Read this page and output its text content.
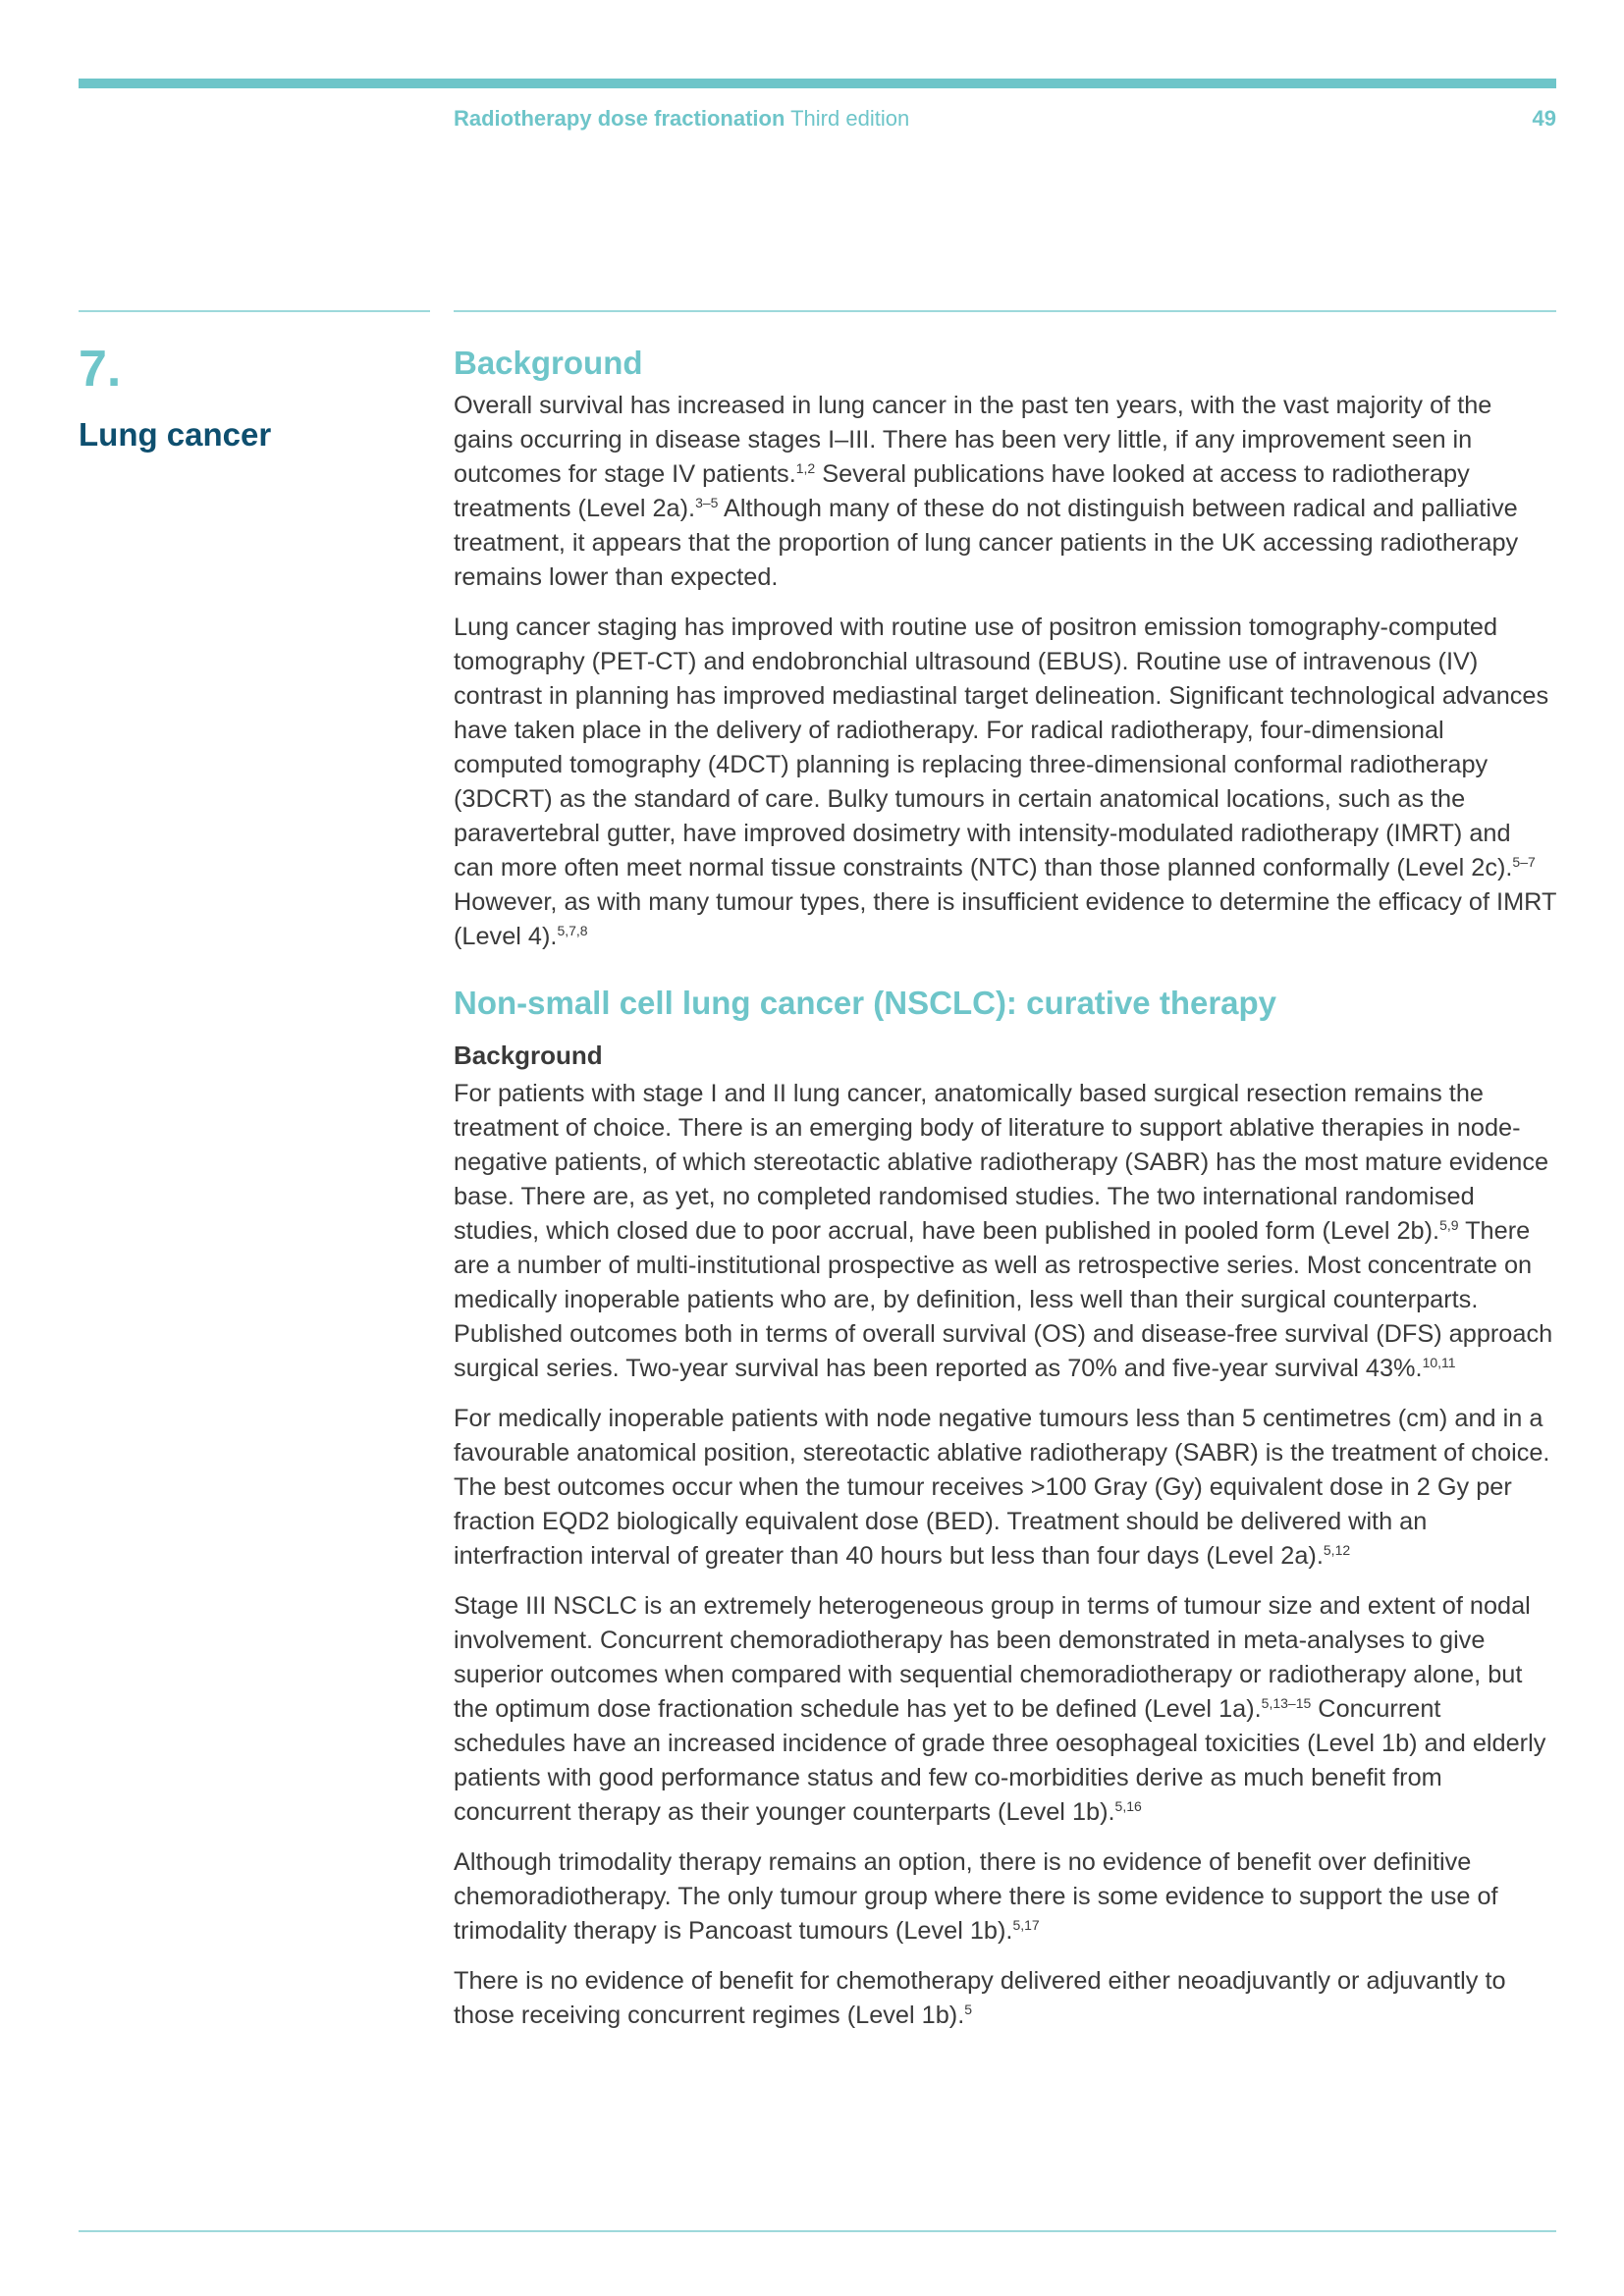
Radiotherapy dose fractionation Third edition	49
7.
Lung cancer
Background

Overall survival has increased in lung cancer in the past ten years, with the vast majority of the gains occurring in disease stages I–III. There has been very little, if any improvement seen in outcomes for stage IV patients.$^{1,2}$ Several publications have looked at access to radiotherapy treatments (Level 2a).$^{3-5}$ Although many of these do not distinguish between radical and palliative treatment, it appears that the proportion of lung cancer patients in the UK accessing radiotherapy remains lower than expected.

Lung cancer staging has improved with routine use of positron emission tomography-computed tomography (PET-CT) and endobronchial ultrasound (EBUS). Routine use of intravenous (IV) contrast in planning has improved mediastinal target delineation. Significant technological advances have taken place in the delivery of radiotherapy. For radical radiotherapy, four-dimensional computed tomography (4DCT) planning is replacing three-dimensional conformal radiotherapy (3DCRT) as the standard of care. Bulky tumours in certain anatomical locations, such as the paravertebral gutter, have improved dosimetry with intensity-modulated radiotherapy (IMRT) and can more often meet normal tissue constraints (NTC) than those planned conformally (Level 2c).$^{5-7}$ However, as with many tumour types, there is insufficient evidence to determine the efficacy of IMRT (Level 4).$^{5,7,8}$

Non-small cell lung cancer (NSCLC): curative therapy
Background

For patients with stage I and II lung cancer, anatomically based surgical resection remains the treatment of choice. There is an emerging body of literature to support ablative therapies in node-negative patients, of which stereotactic ablative radiotherapy (SABR) has the most mature evidence base. There are, as yet, no completed randomised studies. The two international randomised studies, which closed due to poor accrual, have been published in pooled form (Level 2b).$^{5,9}$ There are a number of multi-institutional prospective as well as retrospective series. Most concentrate on medically inoperable patients who are, by definition, less well than their surgical counterparts. Published outcomes both in terms of overall survival (OS) and disease-free survival (DFS) approach surgical series. Two-year survival has been reported as 70% and five-year survival 43%.$^{10,11}$

For medically inoperable patients with node negative tumours less than 5 centimetres (cm) and in a favourable anatomical position, stereotactic ablative radiotherapy (SABR) is the treatment of choice. The best outcomes occur when the tumour receives >100 Gray (Gy) equivalent dose in 2 Gy per fraction EQD2 biologically equivalent dose (BED). Treatment should be delivered with an interfraction interval of greater than 40 hours but less than four days (Level 2a).$^{5,12}$

Stage III NSCLC is an extremely heterogeneous group in terms of tumour size and extent of nodal involvement. Concurrent chemoradiotherapy has been demonstrated in meta-analyses to give superior outcomes when compared with sequential chemoradiotherapy or radiotherapy alone, but the optimum dose fractionation schedule has yet to be defined (Level 1a).$^{5,13-15}$ Concurrent schedules have an increased incidence of grade three oesophageal toxicities (Level 1b) and elderly patients with good performance status and few co-morbidities derive as much benefit from concurrent therapy as their younger counterparts (Level 1b).$^{5,16}$

Although trimodality therapy remains an option, there is no evidence of benefit over definitive chemoradiotherapy. The only tumour group where there is some evidence to support the use of trimodality therapy is Pancoast tumours (Level 1b).$^{5,17}$

There is no evidence of benefit for chemotherapy delivered either neoadjuvantly or adjuvantly to those receiving concurrent regimes (Level 1b).$^5$
